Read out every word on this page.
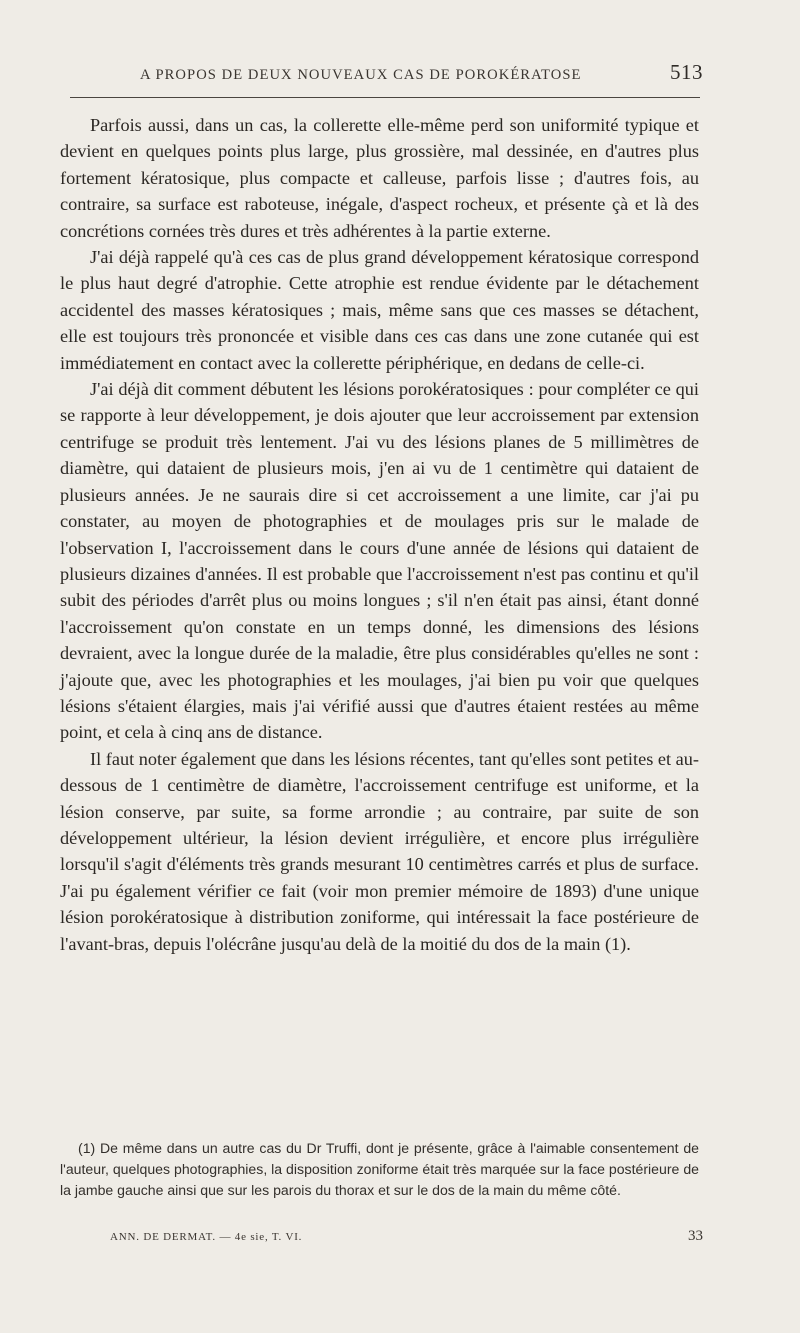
A PROPOS DE DEUX NOUVEAUX CAS DE POROKÉRATOSE	513

Parfois aussi, dans un cas, la collerette elle-même perd son uniformité typique et devient en quelques points plus large, plus grossière, mal dessinée, en d'autres plus fortement kératosique, plus compacte et calleuse, parfois lisse ; d'autres fois, au contraire, sa surface est raboteuse, inégale, d'aspect rocheux, et présente çà et là des concrétions cornées très dures et très adhérentes à la partie externe.

J'ai déjà rappelé qu'à ces cas de plus grand développement kératosique correspond le plus haut degré d'atrophie. Cette atrophie est rendue évidente par le détachement accidentel des masses kératosiques ; mais, même sans que ces masses se détachent, elle est toujours très prononcée et visible dans ces cas dans une zone cutanée qui est immédiatement en contact avec la collerette périphérique, en dedans de celle-ci.

J'ai déjà dit comment débutent les lésions porokératosiques : pour compléter ce qui se rapporte à leur développement, je dois ajouter que leur accroissement par extension centrifuge se produit très lentement. J'ai vu des lésions planes de 5 millimètres de diamètre, qui dataient de plusieurs mois, j'en ai vu de 1 centimètre qui dataient de plusieurs années. Je ne saurais dire si cet accroissement a une limite, car j'ai pu constater, au moyen de photographies et de moulages pris sur le malade de l'observation I, l'accroissement dans le cours d'une année de lésions qui dataient de plusieurs dizaines d'années. Il est probable que l'accroissement n'est pas continu et qu'il subit des périodes d'arrêt plus ou moins longues ; s'il n'en était pas ainsi, étant donné l'accroissement qu'on constate en un temps donné, les dimensions des lésions devraient, avec la longue durée de la maladie, être plus considérables qu'elles ne sont : j'ajoute que, avec les photographies et les moulages, j'ai bien pu voir que quelques lésions s'étaient élargies, mais j'ai vérifié aussi que d'autres étaient restées au même point, et cela à cinq ans de distance.

Il faut noter également que dans les lésions récentes, tant qu'elles sont petites et au-dessous de 1 centimètre de diamètre, l'accroissement centrifuge est uniforme, et la lésion conserve, par suite, sa forme arrondie ; au contraire, par suite de son développement ultérieur, la lésion devient irrégulière, et encore plus irrégulière lorsqu'il s'agit d'éléments très grands mesurant 10 centimètres carrés et plus de surface. J'ai pu également vérifier ce fait (voir mon premier mémoire de 1893) d'une unique lésion porokératosique à distribution zoniforme, qui intéressait la face postérieure de l'avant-bras, depuis l'olécrâne jusqu'au delà de la moitié du dos de la main (1).

(1) De même dans un autre cas du Dr Truffi, dont je présente, grâce à l'aimable consentement de l'auteur, quelques photographies, la disposition zoniforme était très marquée sur la face postérieure de la jambe gauche ainsi que sur les parois du thorax et sur le dos de la main du même côté.

ANN. DE DERMAT. — 4e sie, T. VI.	33
